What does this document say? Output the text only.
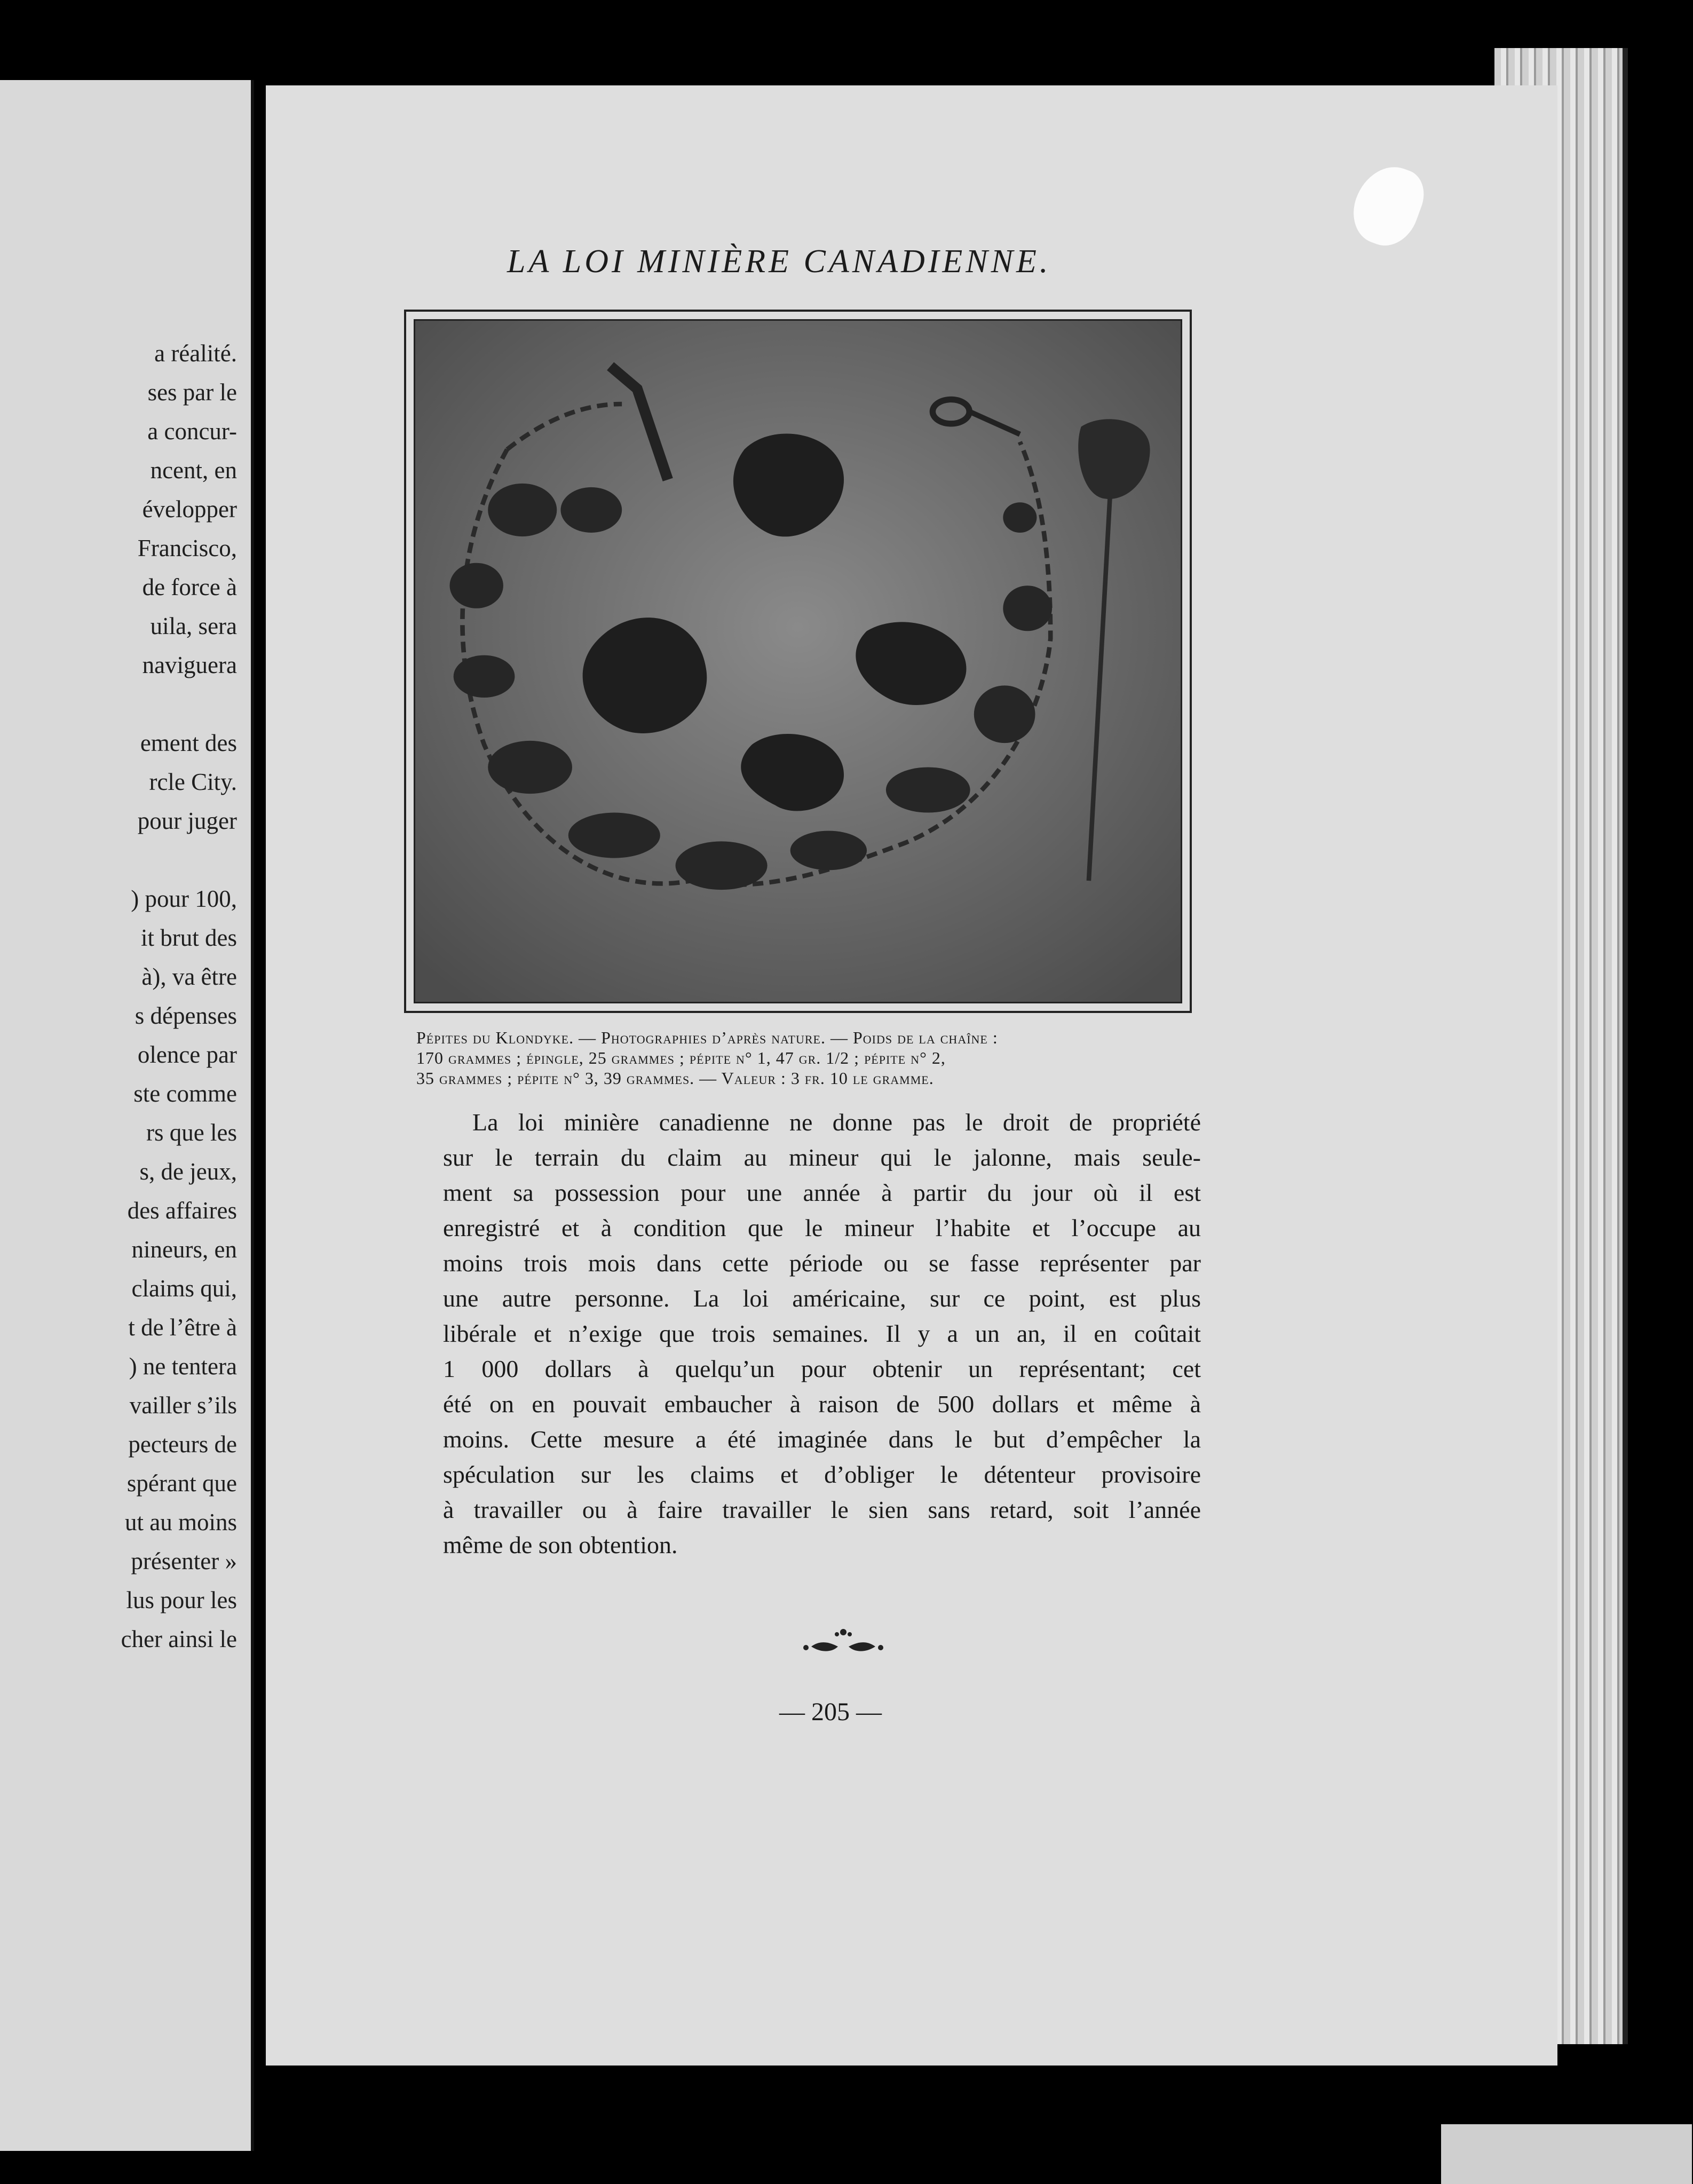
a réalité.
ses par le
a concur-
ncent, en
évelopper
Francisco,
de force à
uila, sera
naviguera
ement des
rcle City.
pour juger
) pour 100,
it brut des
à), va être
s dépenses
olence par
ste comme
rs que les
s, de jeux,
des affaires
nineurs, en
claims qui,
t de l’être à
) ne tentera
vailler s’ils
pecteurs de
spérant que
ut au moins
présenter »
lus pour les
cher ainsi le
LA LOI MINIÈRE CANADIENNE.
Pépites du Klondyke. — Photographies d’après nature. — Poids de la chaîne :
170 grammes ; épingle, 25 grammes ; pépite n° 1, 47 gr. 1/2 ; pépite n° 2,
35 grammes ; pépite n° 3, 39 grammes. — Valeur : 3 fr. 10 le gramme.
La loi minière canadienne ne donne pas le droit de propriété
sur le terrain du claim au mineur qui le jalonne, mais seule-
ment sa possession pour une année à partir du jour où il est
enregistré et à condition que le mineur l’habite et l’occupe au
moins trois mois dans cette période ou se fasse représenter par
une autre personne. La loi américaine, sur ce point, est plus
libérale et n’exige que trois semaines. Il y a un an, il en coûtait
1 000 dollars à quelqu’un pour obtenir un représentant; cet
été on en pouvait embaucher à raison de 500 dollars et même à
moins. Cette mesure a été imaginée dans le but d’empêcher la
spéculation sur les claims et d’obliger le détenteur provisoire
à travailler ou à faire travailler le sien sans retard, soit l’année
même de son obtention.
— 205 —
